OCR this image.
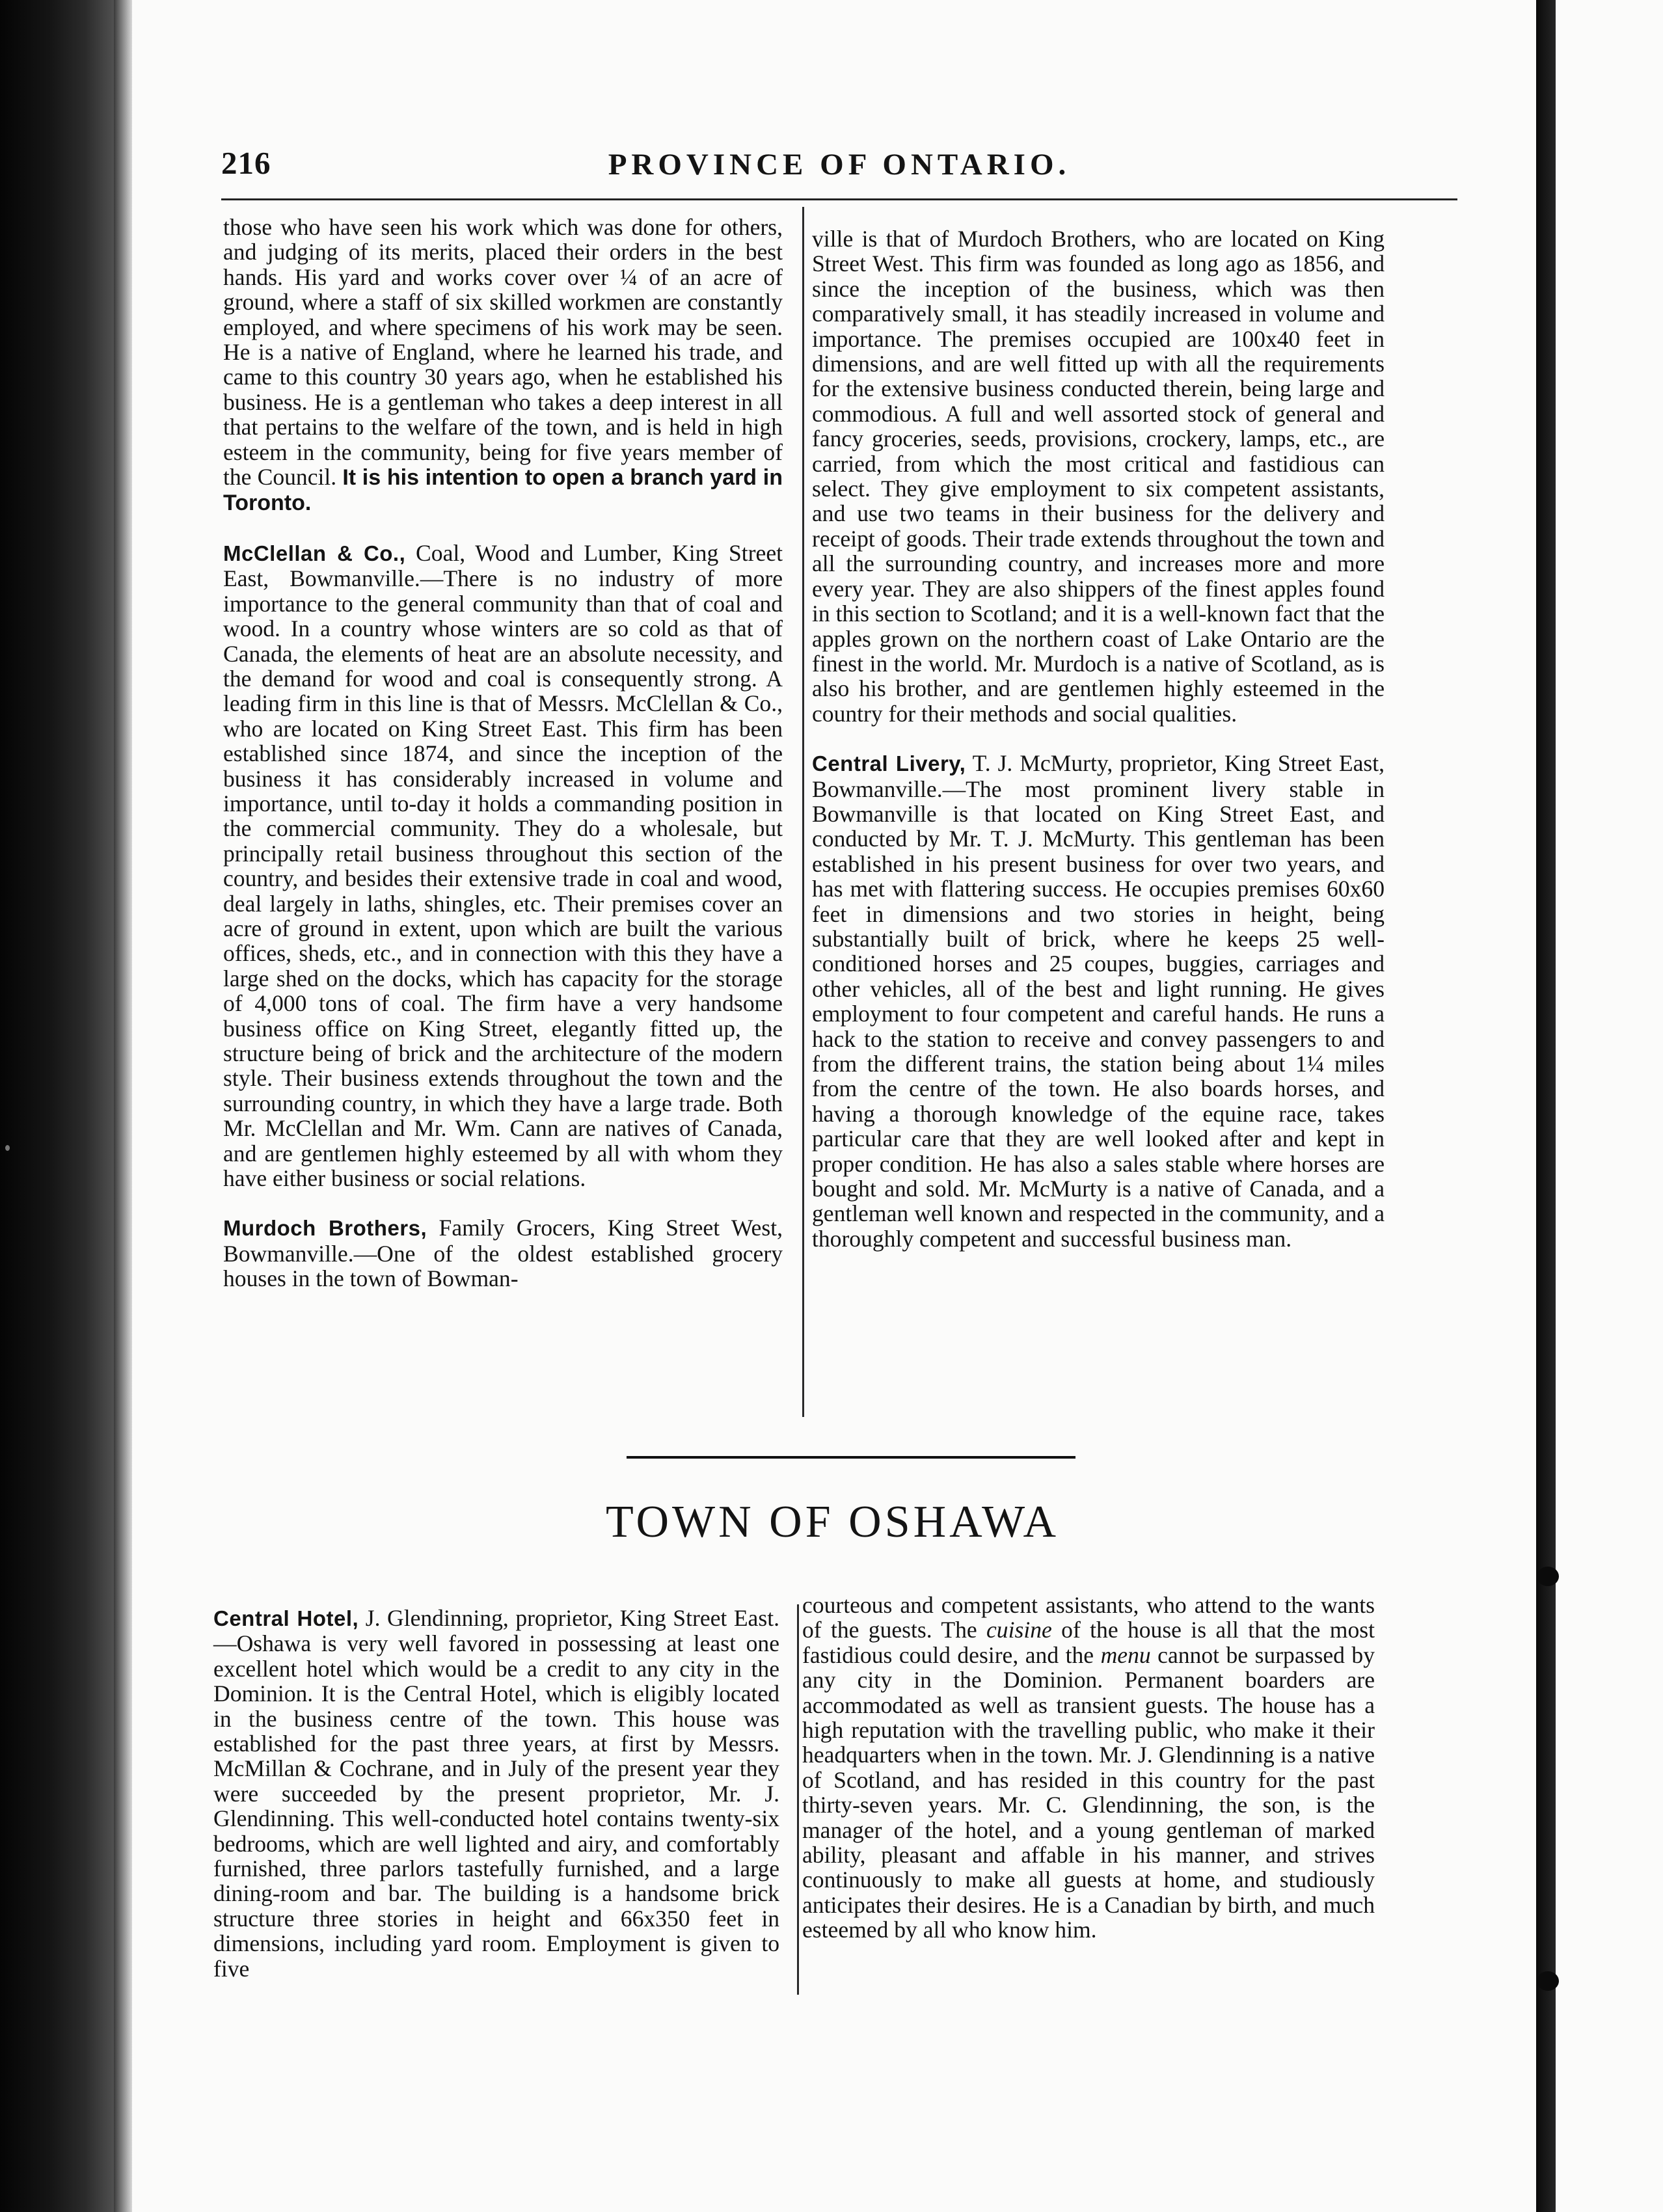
216	PROVINCE OF ONTARIO.

those who have seen his work which was done for others, and judging of its merits, placed their orders in the best hands. His yard and works cover over ¼ of an acre of ground, where a staff of six skilled workmen are constantly employed, and where specimens of his work may be seen. He is a native of England, where he learned his trade, and came to this country 30 years ago, when he established his business. He is a gentleman who takes a deep interest in all that pertains to the welfare of the town, and is held in high esteem in the community, being for five years member of the Council. It is his intention to open a branch yard in Toronto.

McClellan & Co., Coal, Wood and Lumber, King Street East, Bowmanville.—There is no industry of more importance to the general community than that of coal and wood. In a country whose winters are so cold as that of Canada, the elements of heat are an absolute necessity, and the demand for wood and coal is consequently strong. A leading firm in this line is that of Messrs. McClellan & Co., who are located on King Street East. This firm has been established since 1874, and since the inception of the business it has considerably increased in volume and importance, until to-day it holds a commanding position in the commercial community. They do a wholesale, but principally retail business throughout this section of the country, and besides their extensive trade in coal and wood, deal largely in laths, shingles, etc. Their premises cover an acre of ground in extent, upon which are built the various offices, sheds, etc., and in connection with this they have a large shed on the docks, which has capacity for the storage of 4,000 tons of coal. The firm have a very handsome business office on King Street, elegantly fitted up, the structure being of brick and the architecture of the modern style. Their business extends throughout the town and the surrounding country, in which they have a large trade. Both Mr. McClellan and Mr. Wm. Cann are natives of Canada, and are gentlemen highly esteemed by all with whom they have either business or social relations.

Murdoch Brothers, Family Grocers, King Street West, Bowmanville.—One of the oldest established grocery houses in the town of Bowman-

ville is that of Murdoch Brothers, who are located on King Street West. This firm was founded as long ago as 1856, and since the inception of the business, which was then comparatively small, it has steadily increased in volume and importance. The premises occupied are 100x40 feet in dimensions, and are well fitted up with all the requirements for the extensive business conducted therein, being large and commodious. A full and well assorted stock of general and fancy groceries, seeds, provisions, crockery, lamps, etc., are carried, from which the most critical and fastidious can select. They give employment to six competent assistants, and use two teams in their business for the delivery and receipt of goods. Their trade extends throughout the town and all the surrounding country, and increases more and more every year. They are also shippers of the finest apples found in this section to Scotland; and it is a well-known fact that the apples grown on the northern coast of Lake Ontario are the finest in the world. Mr. Murdoch is a native of Scotland, as is also his brother, and are gentlemen highly esteemed in the country for their methods and social qualities.

Central Livery, T. J. McMurty, proprietor, King Street East, Bowmanville.—The most prominent livery stable in Bowmanville is that located on King Street East, and conducted by Mr. T. J. McMurty. This gentleman has been established in his present business for over two years, and has met with flattering success. He occupies premises 60x60 feet in dimensions and two stories in height, being substantially built of brick, where he keeps 25 well-conditioned horses and 25 coupes, buggies, carriages and other vehicles, all of the best and light running. He gives employment to four competent and careful hands. He runs a hack to the station to receive and convey passengers to and from the different trains, the station being about 1¼ miles from the centre of the town. He also boards horses, and having a thorough knowledge of the equine race, takes particular care that they are well looked after and kept in proper condition. He has also a sales stable where horses are bought and sold. Mr. McMurty is a native of Canada, and a gentleman well known and respected in the community, and a thoroughly competent and successful business man.

TOWN OF OSHAWA

Central Hotel, J. Glendinning, proprietor, King Street East.—Oshawa is very well favored in possessing at least one excellent hotel which would be a credit to any city in the Dominion. It is the Central Hotel, which is eligibly located in the business centre of the town. This house was established for the past three years, at first by Messrs. McMillan & Cochrane, and in July of the present year they were succeeded by the present proprietor, Mr. J. Glendinning. This well-conducted hotel contains twenty-six bedrooms, which are well lighted and airy, and comfortably furnished, three parlors tastefully furnished, and a large dining-room and bar. The building is a handsome brick structure three stories in height and 66x350 feet in dimensions, including yard room. Employment is given to five

courteous and competent assistants, who attend to the wants of the guests. The cuisine of the house is all that the most fastidious could desire, and the menu cannot be surpassed by any city in the Dominion. Permanent boarders are accommodated as well as transient guests. The house has a high reputation with the travelling public, who make it their headquarters when in the town. Mr. J. Glendinning is a native of Scotland, and has resided in this country for the past thirty-seven years. Mr. C. Glendinning, the son, is the manager of the hotel, and a young gentleman of marked ability, pleasant and affable in his manner, and strives continuously to make all guests at home, and studiously anticipates their desires. He is a Canadian by birth, and much esteemed by all who know him.
